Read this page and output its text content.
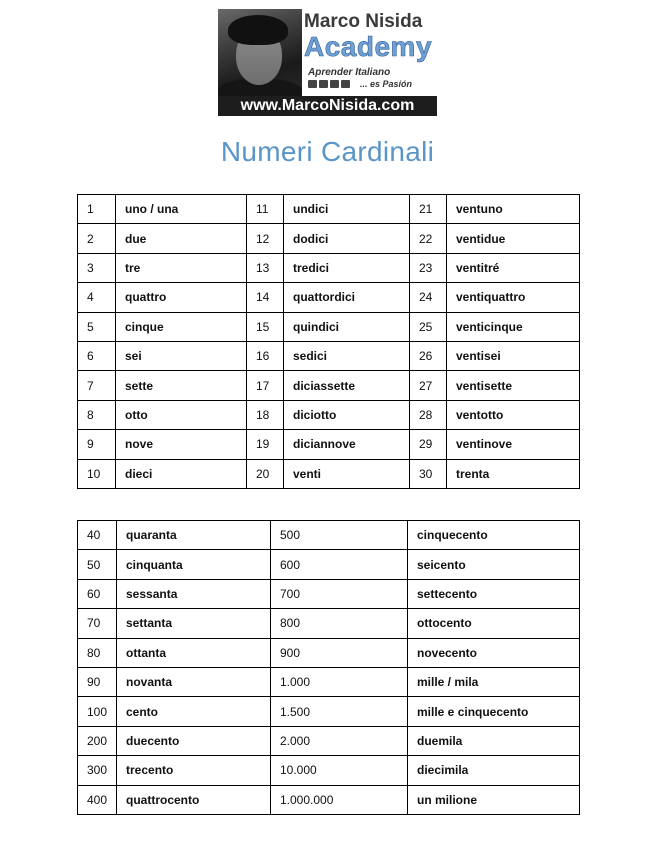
Marco Nisida
Academy
Aprender Italiano
... es Pasión
www.MarcoNisida.com
Numeri Cardinali
1	uno / una	11	undici	21	ventuno
2	due	12	dodici	22	ventidue
3	tre	13	tredici	23	ventitré
4	quattro	14	quattordici	24	ventiquattro
5	cinque	15	quindici	25	venticinque
6	sei	16	sedici	26	ventisei
7	sette	17	diciassette	27	ventisette
8	otto	18	diciotto	28	ventotto
9	nove	19	diciannove	29	ventinove
10	dieci	20	venti	30	trenta
40	quaranta	500	cinquecento
50	cinquanta	600	seicento
60	sessanta	700	settecento
70	settanta	800	ottocento
80	ottanta	900	novecento
90	novanta	1.000	mille / mila
100	cento	1.500	mille e cinquecento
200	duecento	2.000	duemila
300	trecento	10.000	diecimila
400	quattrocento	1.000.000	un milione
